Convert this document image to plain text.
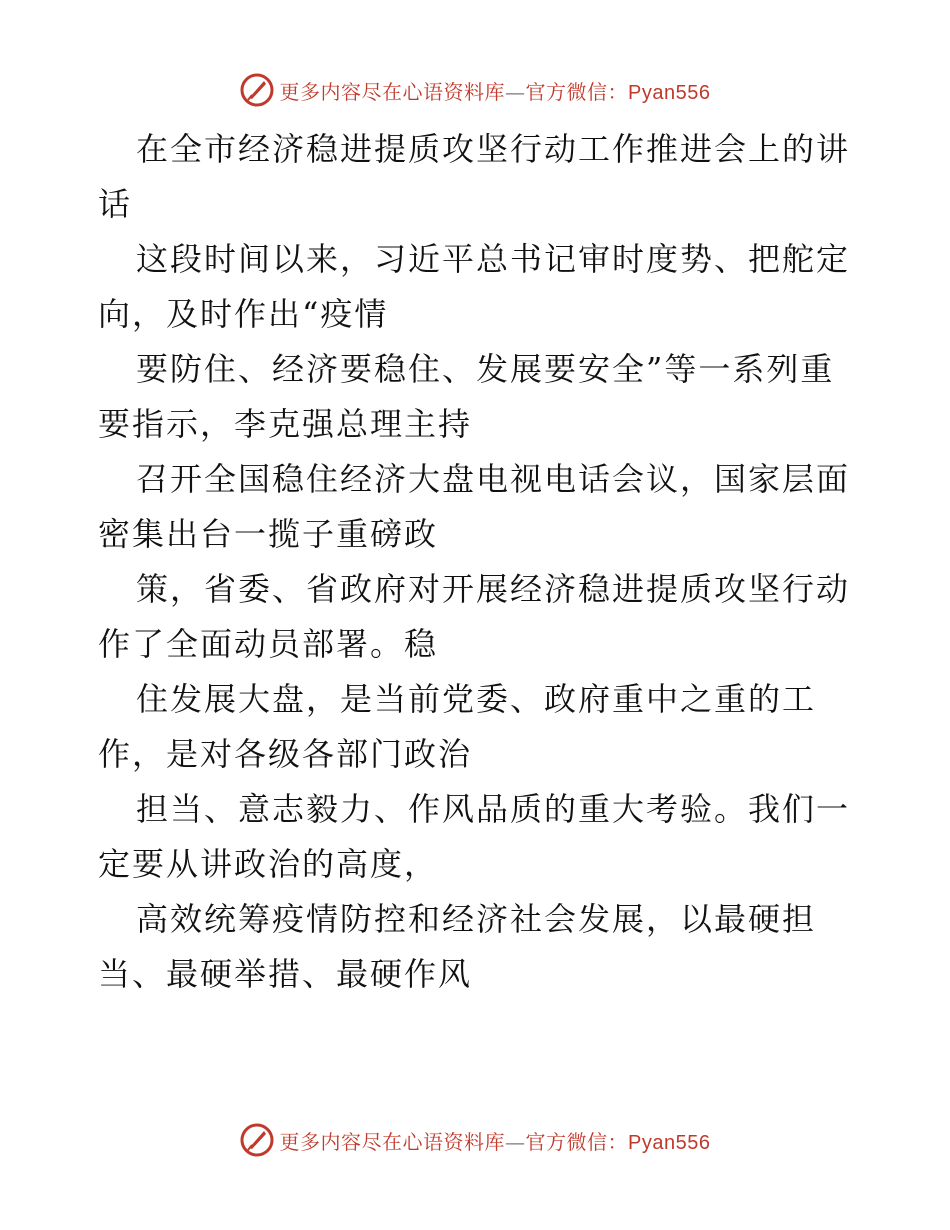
更多内容尽在心语资料库—官方微信：Pyan556
在全市经济稳进提质攻坚行动工作推进会上的讲
话
这段时间以来，习近平总书记审时度势、把舵定
向，及时作出“疫情
要防住、经济要稳住、发展要安全”等一系列重
要指示，李克强总理主持
召开全国稳住经济大盘电视电话会议，国家层面
密集出台一揽子重磅政
策，省委、省政府对开展经济稳进提质攻坚行动
作了全面动员部署。稳
住发展大盘，是当前党委、政府重中之重的工
作，是对各级各部门政治
担当、意志毅力、作风品质的重大考验。我们一
定要从讲政治的高度，
高效统筹疫情防控和经济社会发展，以最硬担
当、最硬举措、最硬作风
更多内容尽在心语资料库—官方微信：Pyan556
